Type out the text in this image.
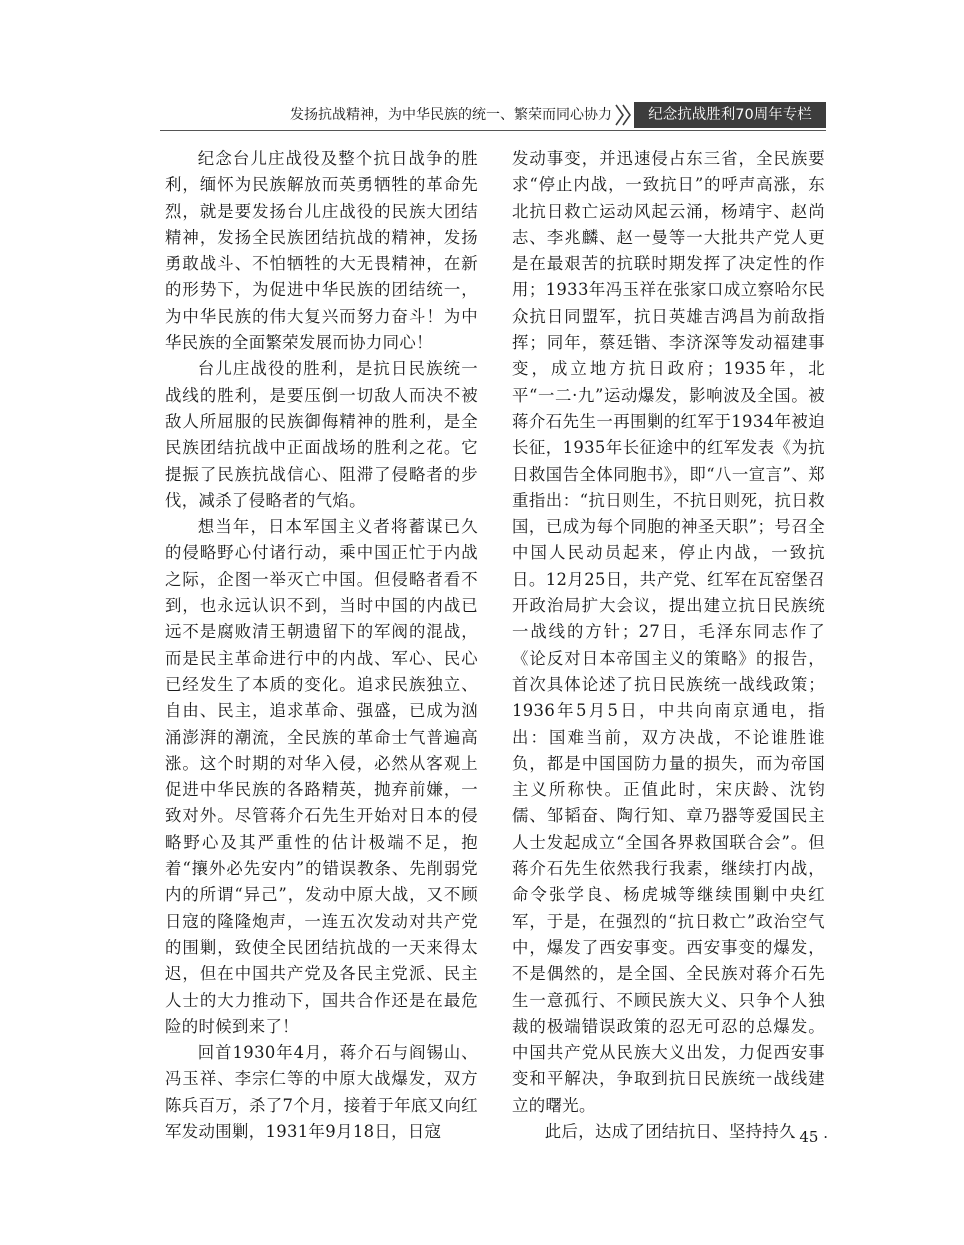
发扬抗战精神，为中华民族的统一、繁荣而同心协力	纪念抗战胜利70周年专栏

纪念台儿庄战役及整个抗日战争的胜利，缅怀为民族解放而英勇牺牲的革命先烈，就是要发扬台儿庄战役的民族大团结精神，发扬全民族团结抗战的精神，发扬勇敢战斗、不怕牺牲的大无畏精神，在新的形势下，为促进中华民族的团结统一，为中华民族的伟大复兴而努力奋斗！为中华民族的全面繁荣发展而协力同心！

台儿庄战役的胜利，是抗日民族统一战线的胜利，是要压倒一切敌人而决不被敌人所屈服的民族御侮精神的胜利，是全民族团结抗战中正面战场的胜利之花。它提振了民族抗战信心、阻滞了侵略者的步伐，减杀了侵略者的气焰。

想当年，日本军国主义者将蓄谋已久的侵略野心付诸行动，乘中国正忙于内战之际，企图一举灭亡中国。但侵略者看不到，也永远认识不到，当时中国的内战已远不是腐败清王朝遗留下的军阀的混战，而是民主革命进行中的内战、军心、民心已经发生了本质的变化。追求民族独立、自由、民主，追求革命、强盛，已成为汹涌澎湃的潮流，全民族的革命士气普遍高涨。这个时期的对华入侵，必然从客观上促进中华民族的各路精英，抛弃前嫌，一致对外。尽管蒋介石先生开始对日本的侵略野心及其严重性的估计极端不足，抱着“攘外必先安内”的错误教条、先削弱党内的所谓“异己”，发动中原大战，又不顾日寇的隆隆炮声，一连五次发动对共产党的围剿，致使全民团结抗战的一天来得太迟，但在中国共产党及各民主党派、民主人士的大力推动下，国共合作还是在最危险的时候到来了！

回首1930年4月，蒋介石与阎锡山、冯玉祥、李宗仁等的中原大战爆发，双方陈兵百万，杀了7个月，接着于年底又向红军发动围剿，1931年9月18日，日寇

发动事变，并迅速侵占东三省，全民族要求“停止内战，一致抗日”的呼声高涨，东北抗日救亡运动风起云涌，杨靖宇、赵尚志、李兆麟、赵一曼等一大批共产党人更是在最艰苦的抗联时期发挥了决定性的作用；1933年冯玉祥在张家口成立察哈尔民众抗日同盟军，抗日英雄吉鸿昌为前敌指挥；同年，蔡廷锴、李济深等发动福建事变，成立地方抗日政府；1935年，北平“一二·九”运动爆发，影响波及全国。被蒋介石先生一再围剿的红军于1934年被迫长征，1935年长征途中的红军发表《为抗日救国告全体同胞书》，即“八一宣言”、郑重指出：“抗日则生，不抗日则死，抗日救国，已成为每个同胞的神圣天职”；号召全中国人民动员起来，停止内战，一致抗日。12月25日，共产党、红军在瓦窑堡召开政治局扩大会议，提出建立抗日民族统一战线的方针；27日，毛泽东同志作了《论反对日本帝国主义的策略》的报告，首次具体论述了抗日民族统一战线政策；1936年5月5日，中共向南京通电，指出：国难当前，双方决战，不论谁胜谁负，都是中国国防力量的损失，而为帝国主义所称快。正值此时，宋庆龄、沈钧儒、邹韬奋、陶行知、章乃器等爱国民主人士发起成立“全国各界救国联合会”。但蒋介石先生依然我行我素，继续打内战，命令张学良、杨虎城等继续围剿中央红军，于是，在强烈的“抗日救亡”政治空气中，爆发了西安事变。西安事变的爆发，不是偶然的，是全国、全民族对蒋介石先生一意孤行、不顾民族大义、只争个人独裁的极端错误政策的忍无可忍的总爆发。中国共产党从民族大义出发，力促西安事变和平解决，争取到抗日民族统一战线建立的曙光。

此后，达成了团结抗日、坚持持久

· 45 ·
